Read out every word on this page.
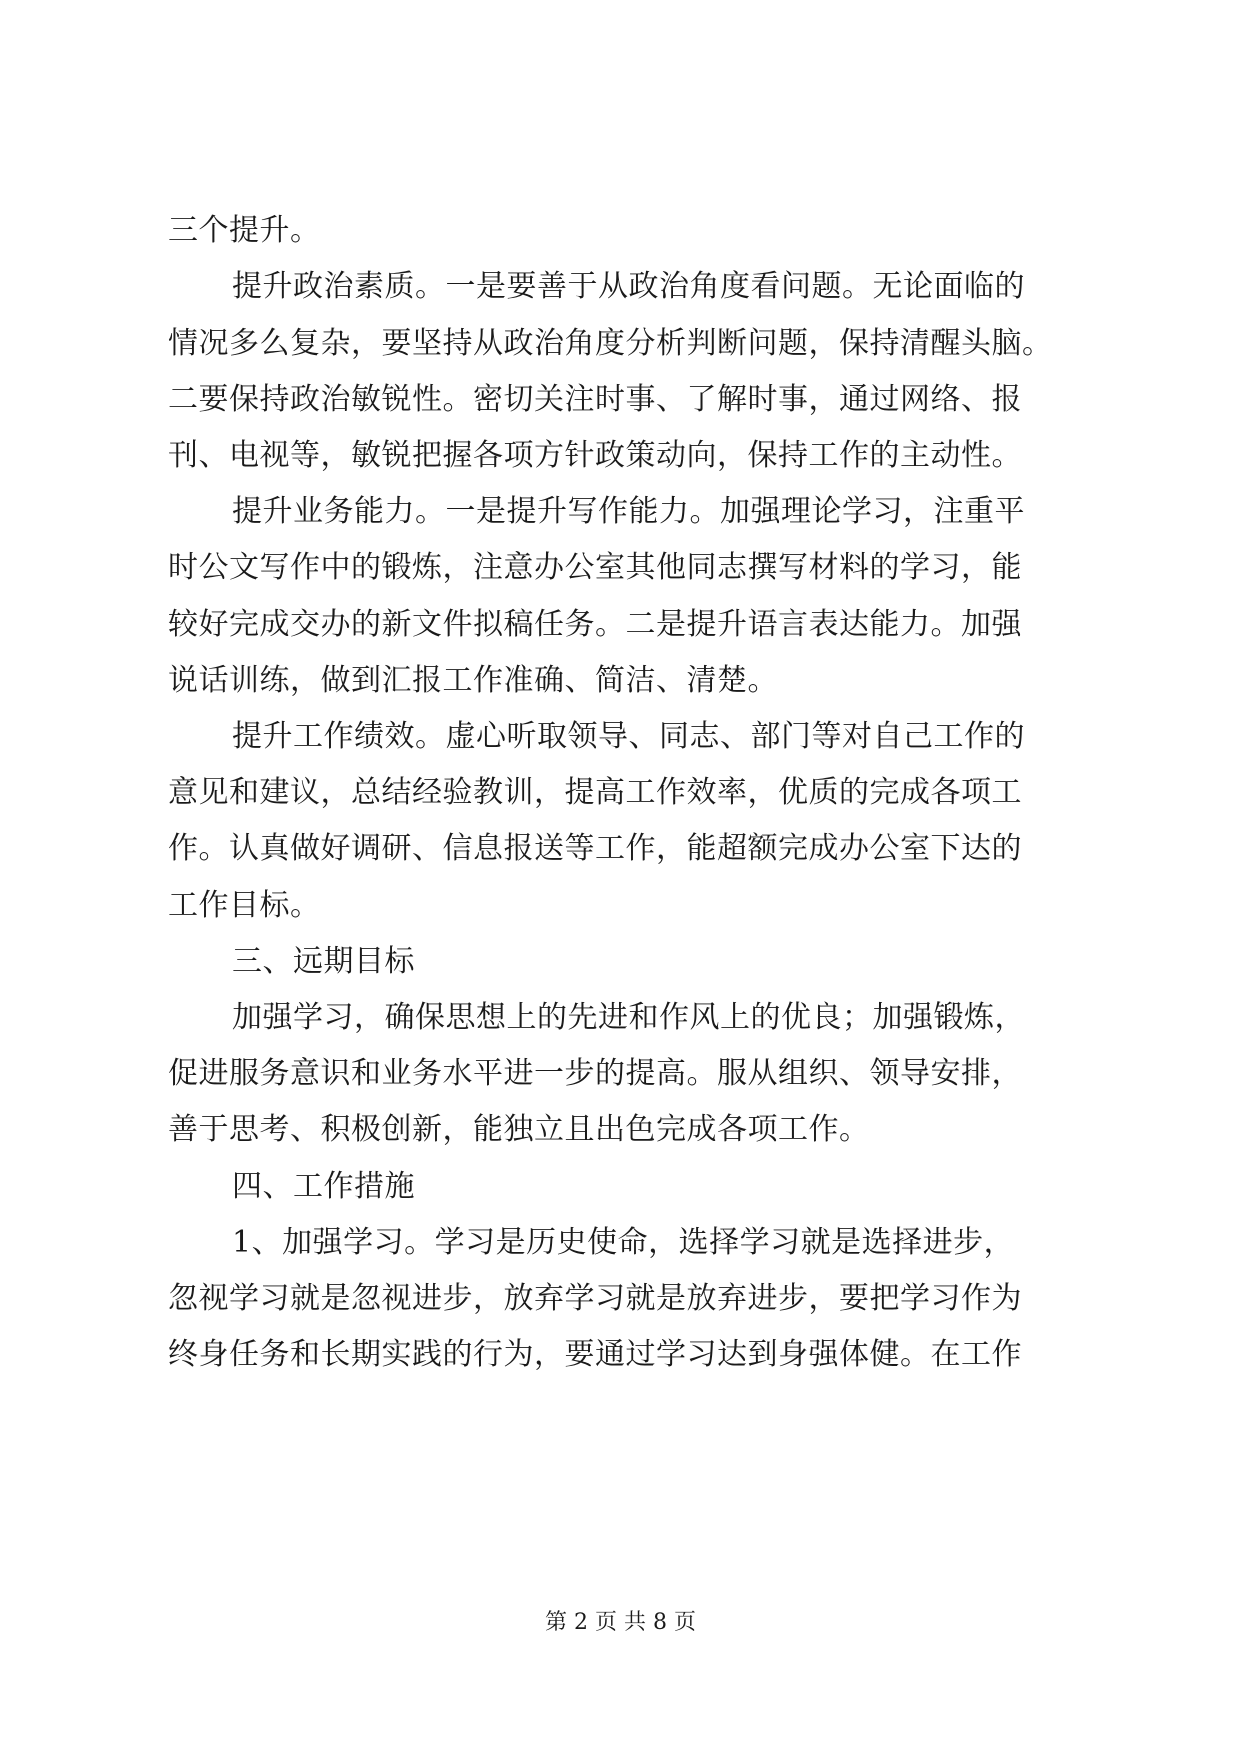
三个提升。
提升政治素质。一是要善于从政治角度看问题。无论面临的
情况多么复杂，要坚持从政治角度分析判断问题，保持清醒头脑。
二要保持政治敏锐性。密切关注时事、了解时事，通过网络、报
刊、电视等，敏锐把握各项方针政策动向，保持工作的主动性。
提升业务能力。一是提升写作能力。加强理论学习，注重平
时公文写作中的锻炼，注意办公室其他同志撰写材料的学习，能
较好完成交办的新文件拟稿任务。二是提升语言表达能力。加强
说话训练，做到汇报工作准确、简洁、清楚。
提升工作绩效。虚心听取领导、同志、部门等对自己工作的
意见和建议，总结经验教训，提高工作效率，优质的完成各项工
作。认真做好调研、信息报送等工作，能超额完成办公室下达的
工作目标。
三、远期目标
加强学习，确保思想上的先进和作风上的优良；加强锻炼，
促进服务意识和业务水平进一步的提高。服从组织、领导安排，
善于思考、积极创新，能独立且出色完成各项工作。
四、工作措施
1、加强学习。学习是历史使命，选择学习就是选择进步，
忽视学习就是忽视进步，放弃学习就是放弃进步，要把学习作为
终身任务和长期实践的行为，要通过学习达到身强体健。在工作
第 2 页 共 8 页
